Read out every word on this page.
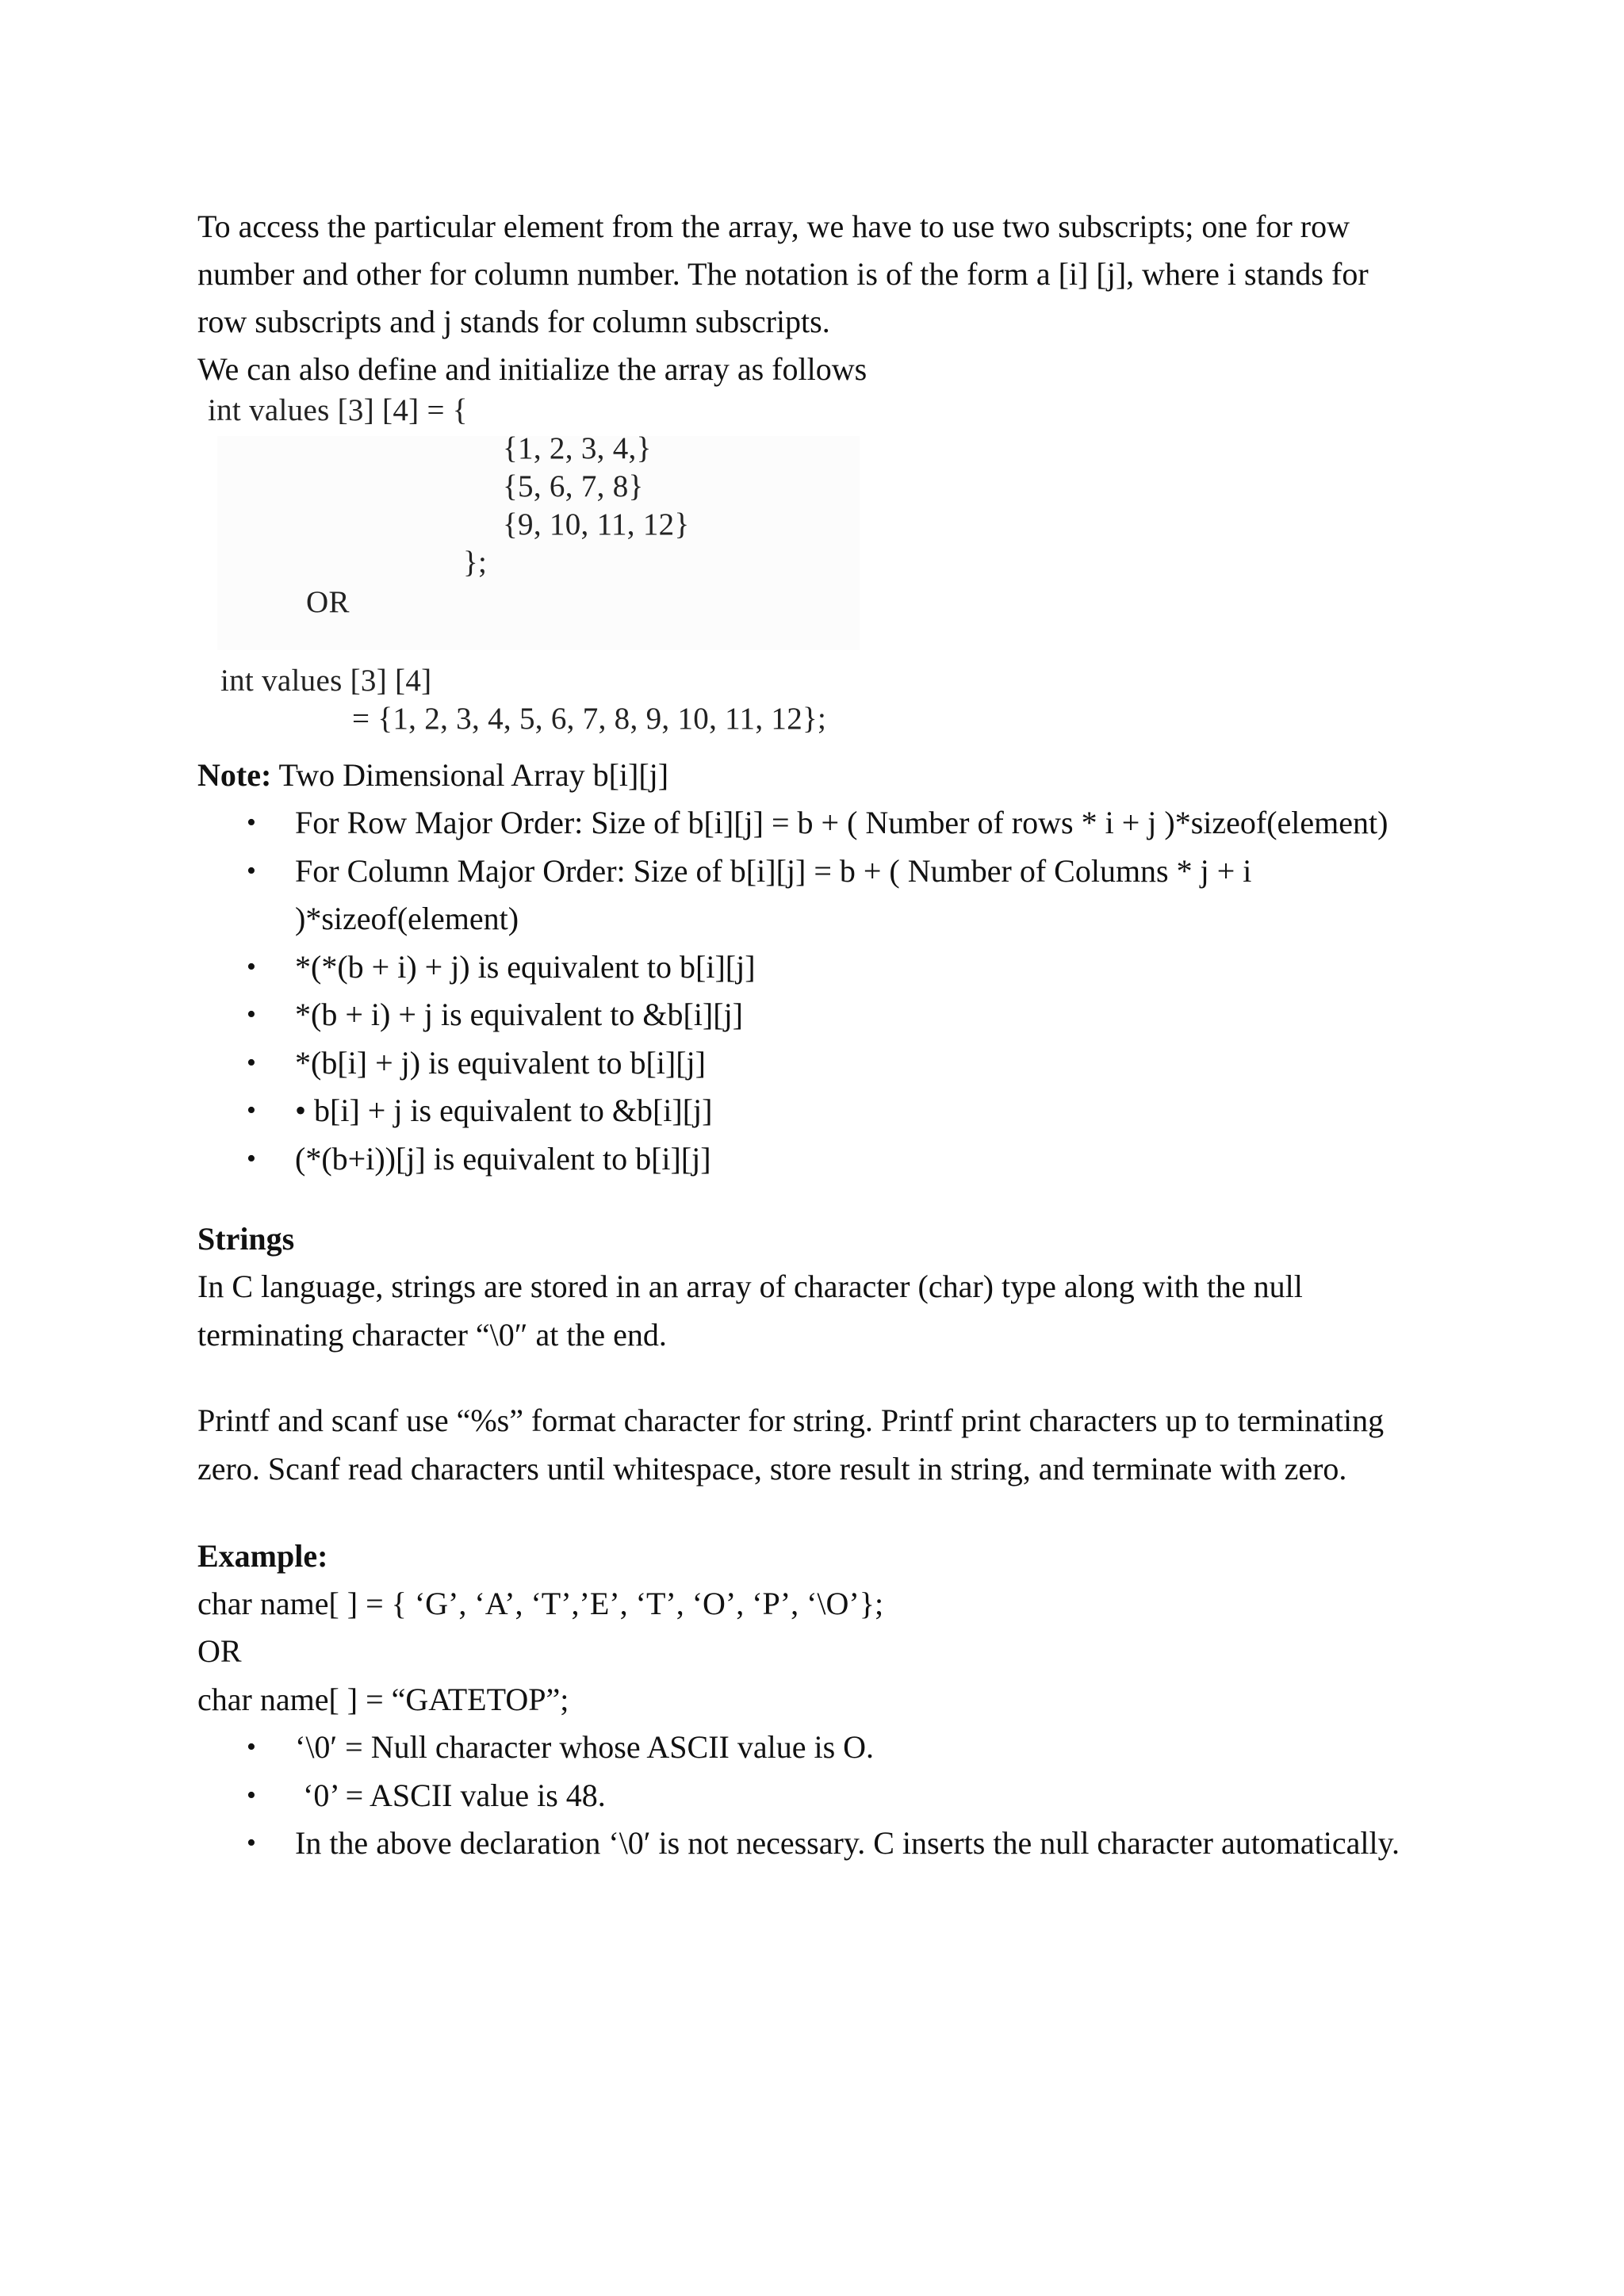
To access the particular element from the array, we have to use two subscripts; one for row

number and other for column number. The notation is of the form a [i] [j], where i stands for

row subscripts and j stands for column subscripts.

We can also define and initialize the array as follows

int values [3] [4] = {
{1, 2, 3, 4,}
{5, 6, 7, 8}
{9, 10, 11, 12}
};
OR
int values [3] [4]
= {1, 2, 3, 4, 5, 6, 7, 8, 9, 10, 11, 12};

Note: Two Dimensional Array b[i][j]

• For Row Major Order: Size of b[i][j] = b + ( Number of rows * i + j )*sizeof(element)
• For Column Major Order: Size of b[i][j] = b + ( Number of Columns * j + i )*sizeof(element)
• *(*(b + i) + j) is equivalent to b[i][j]
• *(b + i) + j is equivalent to &b[i][j]
• *(b[i] + j) is equivalent to b[i][j]
• • b[i] + j is equivalent to &b[i][j]
• (*(b+i))[j] is equivalent to b[i][j]

Strings

In C language, strings are stored in an array of character (char) type along with the null terminating character “\0″ at the end.

Printf and scanf use “%s” format character for string. Printf print characters up to terminating zero. Scanf read characters until whitespace, store result in string, and terminate with zero.

Example:

char name[ ] = { ‘G’, ‘A’, ‘T’,’E’, ‘T’, ‘O’, ‘P’, ‘\O’};

OR

char name[ ] = “GATETOP”;

• ‘\0′ = Null character whose ASCII value is O.
• ‘0’ = ASCII value is 48.
• In the above declaration ‘\0′ is not necessary. C inserts the null character automatically.
